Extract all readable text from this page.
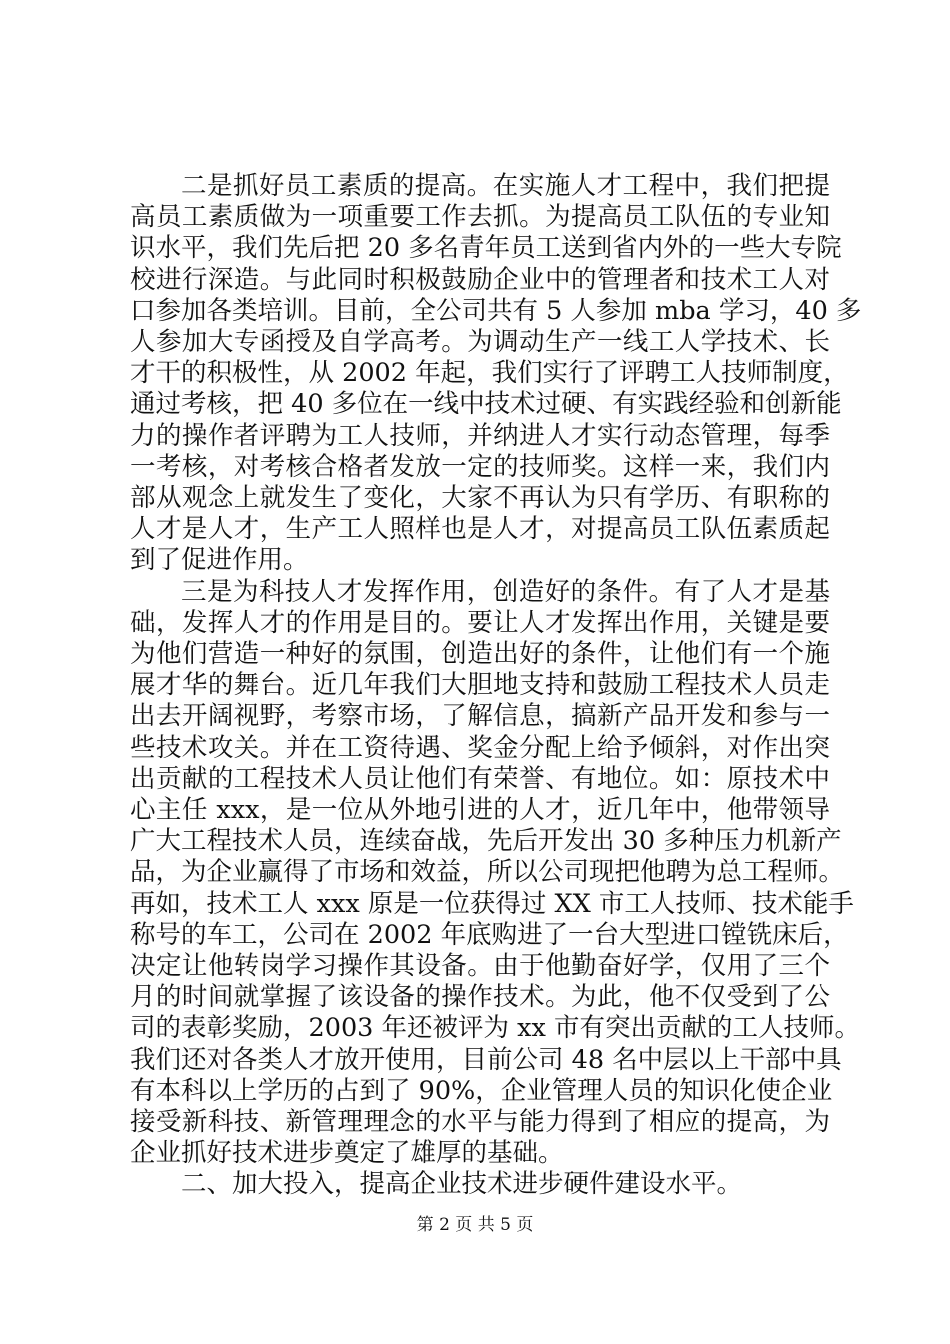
二是抓好员工素质的提高。在实施人才工程中，我们把提
高员工素质做为一项重要工作去抓。为提高员工队伍的专业知
识水平，我们先后把 20 多名青年员工送到省内外的一些大专院
校进行深造。与此同时积极鼓励企业中的管理者和技术工人对
口参加各类培训。目前，全公司共有 5 人参加 mba 学习，40 多
人参加大专函授及自学高考。为调动生产一线工人学技术、长
才干的积极性，从 2002 年起，我们实行了评聘工人技师制度，
通过考核，把 40 多位在一线中技术过硬、有实践经验和创新能
力的操作者评聘为工人技师，并纳进人才实行动态管理，每季
一考核，对考核合格者发放一定的技师奖。这样一来，我们内
部从观念上就发生了变化，大家不再认为只有学历、有职称的
人才是人才，生产工人照样也是人才，对提高员工队伍素质起
到了促进作用。
三是为科技人才发挥作用，创造好的条件。有了人才是基
础，发挥人才的作用是目的。要让人才发挥出作用，关键是要
为他们营造一种好的氛围，创造出好的条件，让他们有一个施
展才华的舞台。近几年我们大胆地支持和鼓励工程技术人员走
出去开阔视野，考察市场，了解信息，搞新产品开发和参与一
些技术攻关。并在工资待遇、奖金分配上给予倾斜，对作出突
出贡献的工程技术人员让他们有荣誉、有地位。如：原技术中
心主任 xxx，是一位从外地引进的人才，近几年中，他带领导
广大工程技术人员，连续奋战，先后开发出 30 多种压力机新产
品，为企业赢得了市场和效益，所以公司现把他聘为总工程师。
再如，技术工人 xxx 原是一位获得过 XX 市工人技师、技术能手
称号的车工，公司在 2002 年底购进了一台大型进口镗铣床后，
决定让他转岗学习操作其设备。由于他勤奋好学，仅用了三个
月的时间就掌握了该设备的操作技术。为此，他不仅受到了公
司的表彰奖励，2003 年还被评为 xx 市有突出贡献的工人技师。
我们还对各类人才放开使用，目前公司 48 名中层以上干部中具
有本科以上学历的占到了 90%，企业管理人员的知识化使企业
接受新科技、新管理理念的水平与能力得到了相应的提高，为
企业抓好技术进步奠定了雄厚的基础。
二、加大投入，提高企业技术进步硬件建设水平。
第 2 页 共 5 页
